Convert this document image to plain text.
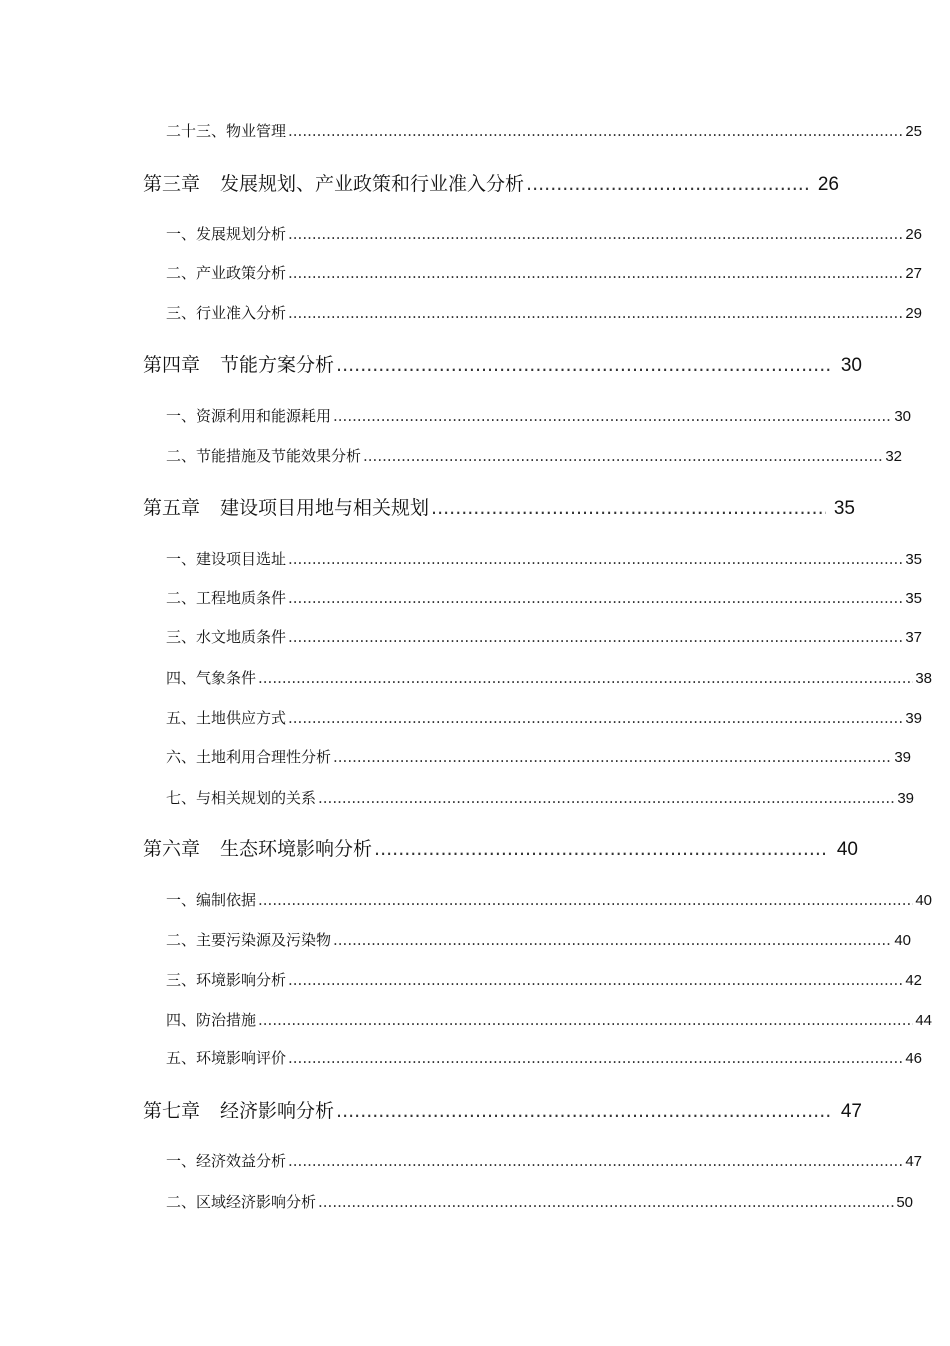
二十三、物业管理 .....	25
第三章 发展规划、产业政策和行业准入分析 .....	26
一、发展规划分析 .....	26
二、产业政策分析 .....	27
三、行业准入分析 .....	29
第四章 节能方案分析 .....	30
一、资源利用和能源耗用 .....	30
二、节能措施及节能效果分析 .....	32
第五章 建设项目用地与相关规划 .....	35
一、建设项目选址 .....	35
二、工程地质条件 .....	35
三、水文地质条件 .....	37
四、气象条件 .....	38
五、土地供应方式 .....	39
六、土地利用合理性分析 .....	39
七、与相关规划的关系 .....	39
第六章 生态环境影响分析 .....	40
一、编制依据 .....	40
二、主要污染源及污染物 .....	40
三、环境影响分析 .....	42
四、防治措施 .....	44
五、环境影响评价 .....	46
第七章 经济影响分析 .....	47
一、经济效益分析 .....	47
二、区域经济影响分析 .....	50
